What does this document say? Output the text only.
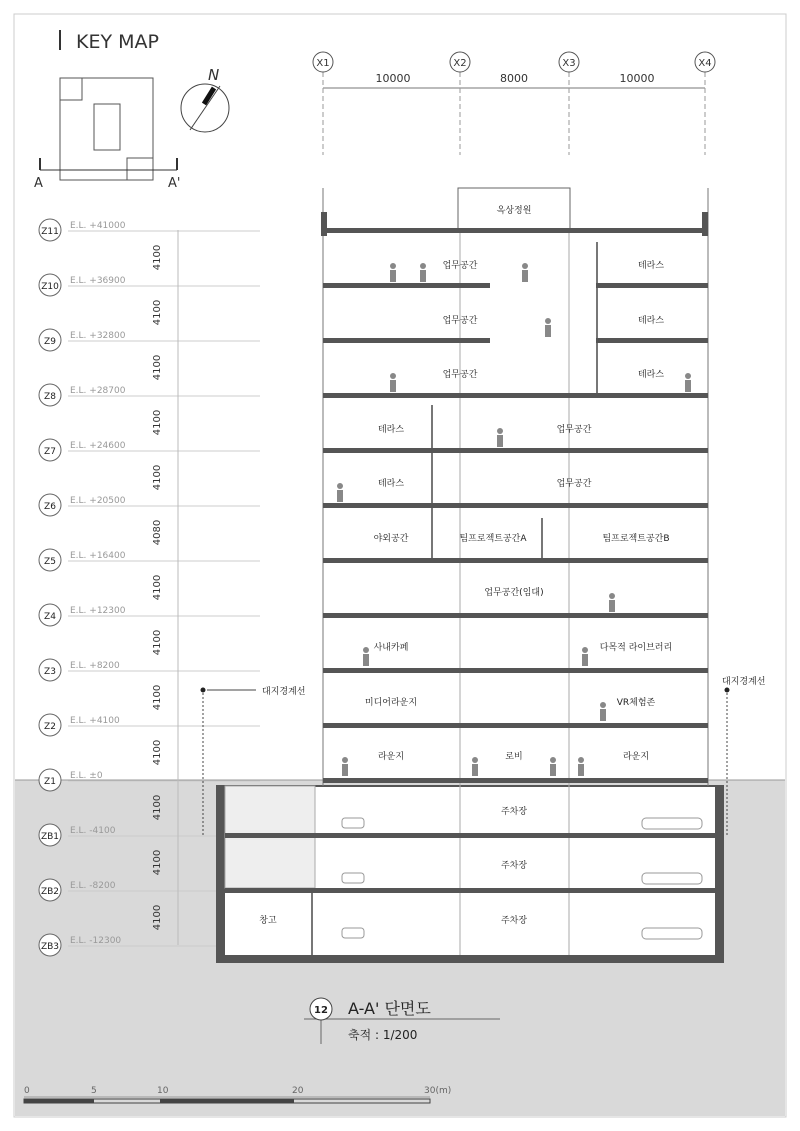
KEY MAP
A	A'
N
X1	X2	X3	X4
10000	8000	10000
Z11
E.L. +41000
Z10
E.L. +36900
Z9
E.L. +32800
Z8
E.L. +28700
Z7
E.L. +24600
Z6
E.L. +20500
Z5
E.L. +16400
Z4
E.L. +12300
Z3
E.L. +8200
Z2
E.L. +4100
Z1
E.L. ±0
ZB1
E.L. -4100
ZB2
E.L. -8200
ZB3
E.L. -12300
4100
4100
4100
4100
4100
4080
4100
4100
4100
4100
4100
4100
4100
옥상정원
업무공간	테라스
업무공간	테라스
업무공간	테라스
테라스	업무공간
테라스	업무공간
야외공간	팀프로젝트공간A	팀프로젝트공간B
업무공간(임대)
사내카페	다목적 라이브러리
미디어라운지	VR체험존
라운지	로비	라운지
주차장
주차장
창고	주차장
대지경계선
대지경계선
12 A-A' 단면도
축적 : 1/200
0	5	10	20	30(m)
